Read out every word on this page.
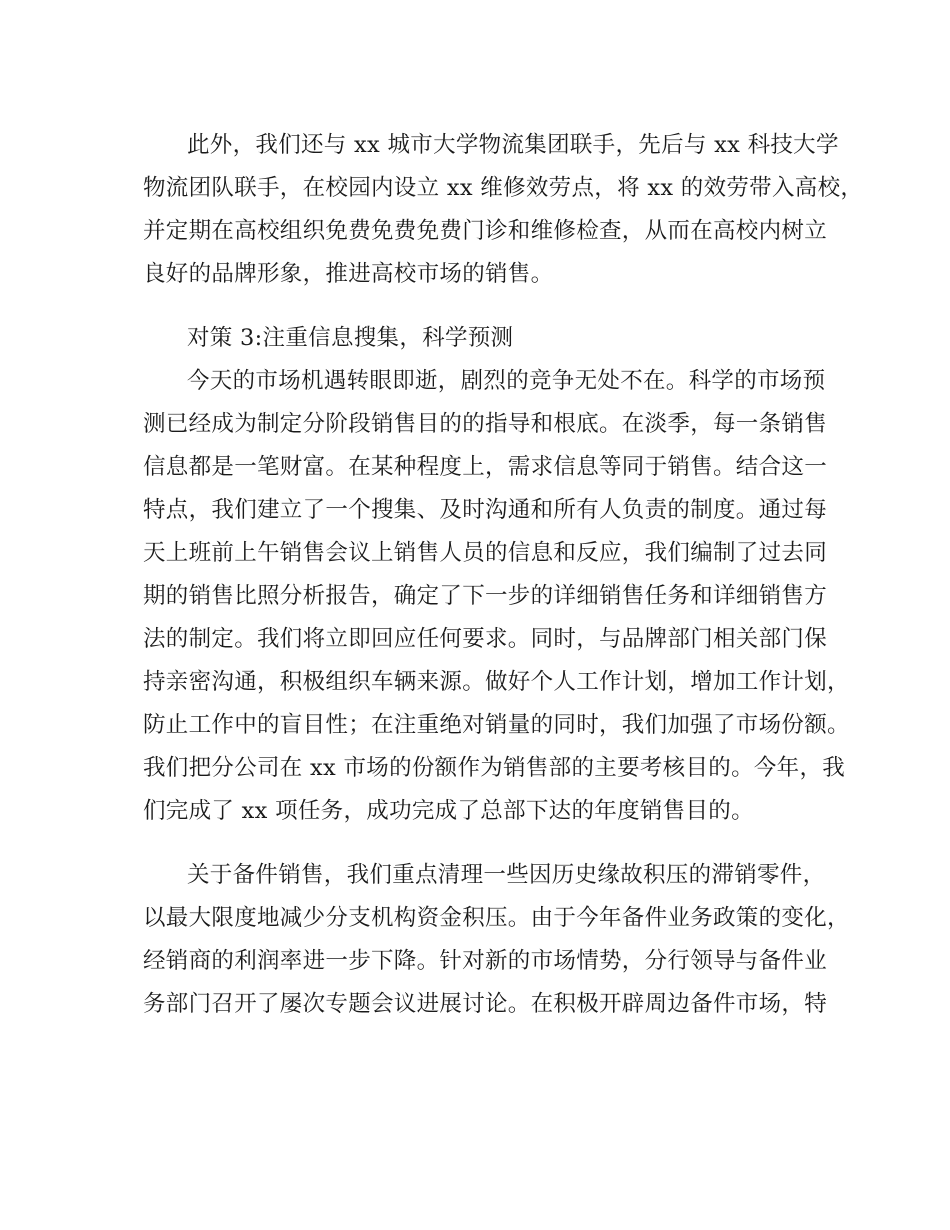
此外，我们还与 xx 城市大学物流集团联手，先后与 xx 科技大学

物流团队联手，在校园内设立 xx 维修效劳点，将 xx 的效劳带入高校，

并定期在高校组织免费免费免费门诊和维修检查，从而在高校内树立

良好的品牌形象，推进高校市场的销售。

对策 3:注重信息搜集，科学预测

今天的市场机遇转眼即逝，剧烈的竞争无处不在。科学的市场预

测已经成为制定分阶段销售目的的指导和根底。在淡季，每一条销售

信息都是一笔财富。在某种程度上，需求信息等同于销售。结合这一

特点，我们建立了一个搜集、及时沟通和所有人负责的制度。通过每

天上班前上午销售会议上销售人员的信息和反应，我们编制了过去同

期的销售比照分析报告，确定了下一步的详细销售任务和详细销售方

法的制定。我们将立即回应任何要求。同时，与品牌部门相关部门保

持亲密沟通，积极组织车辆来源。做好个人工作计划，增加工作计划，

防止工作中的盲目性；在注重绝对销量的同时，我们加强了市场份额。

我们把分公司在 xx 市场的份额作为销售部的主要考核目的。今年，我

们完成了 xx 项任务，成功完成了总部下达的年度销售目的。

关于备件销售，我们重点清理一些因历史缘故积压的滞销零件，

以最大限度地减少分支机构资金积压。由于今年备件业务政策的变化，

经销商的利润率进一步下降。针对新的市场情势，分行领导与备件业

务部门召开了屡次专题会议进展讨论。在积极开辟周边备件市场，特
